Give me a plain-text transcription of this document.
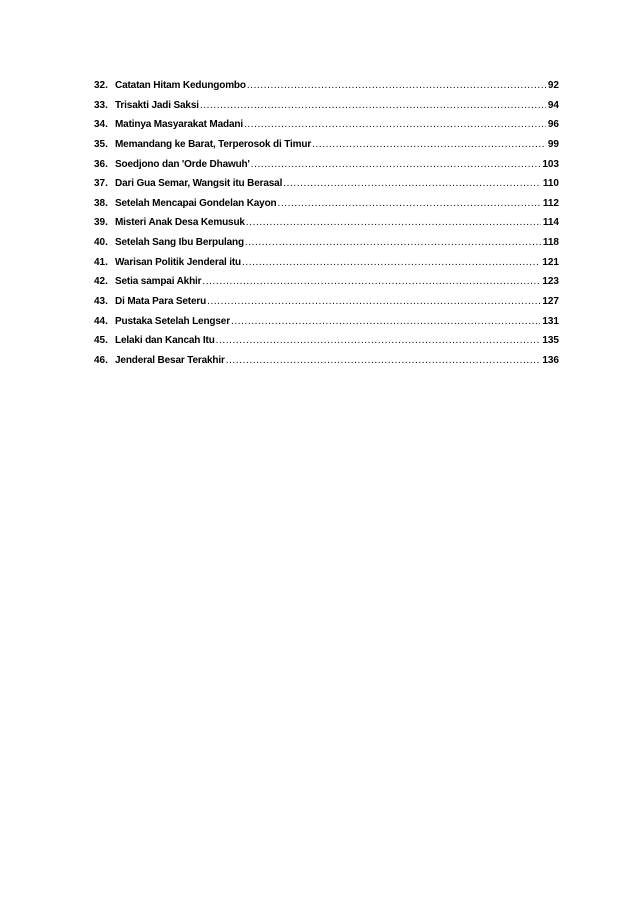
32. Catatan Hitam Kedungombo .....	92
33. Trisakti Jadi Saksi .....	94
34. Matinya Masyarakat Madani .....	96
35. Memandang ke Barat, Terperosok di Timur .....	99
36. Soedjono dan 'Orde Dhawuh' .....	103
37. Dari Gua Semar, Wangsit itu Berasal .....	110
38. Setelah Mencapai Gondelan Kayon .....	112
39. Misteri Anak Desa Kemusuk .....	114
40. Setelah Sang Ibu Berpulang .....	118
41. Warisan Politik Jenderal itu .....	121
42. Setia sampai Akhir .....	123
43. Di Mata Para Seteru .....	127
44. Pustaka Setelah Lengser .....	131
45. Lelaki dan Kancah Itu .....	135
46. Jenderal Besar Terakhir .....	136
